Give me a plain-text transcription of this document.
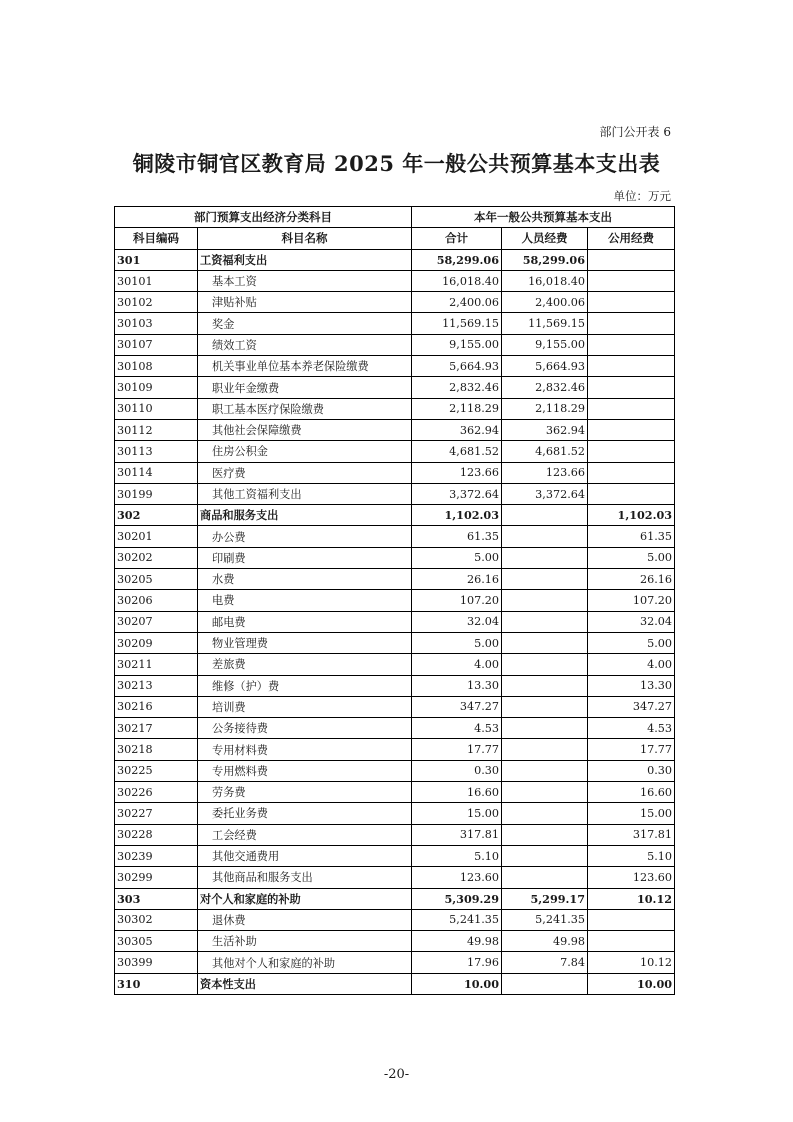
部门公开表 6
铜陵市铜官区教育局 2025 年一般公共预算基本支出表
单位：万元
部门预算支出经济分类科目		本年一般公共预算基本支出		
科目编码	科目名称	合计	人员经费	公用经费
301	工资福利支出	58,299.06	58,299.06	
30101	基本工资	16,018.40	16,018.40	
30102	津贴补贴	2,400.06	2,400.06	
30103	奖金	11,569.15	11,569.15	
30107	绩效工资	9,155.00	9,155.00	
30108	机关事业单位基本养老保险缴费	5,664.93	5,664.93	
30109	职业年金缴费	2,832.46	2,832.46	
30110	职工基本医疗保险缴费	2,118.29	2,118.29	
30112	其他社会保障缴费	362.94	362.94	
30113	住房公积金	4,681.52	4,681.52	
30114	医疗费	123.66	123.66	
30199	其他工资福利支出	3,372.64	3,372.64	
302	商品和服务支出	1,102.03		1,102.03
30201	办公费	61.35		61.35
30202	印刷费	5.00		5.00
30205	水费	26.16		26.16
30206	电费	107.20		107.20
30207	邮电费	32.04		32.04
30209	物业管理费	5.00		5.00
30211	差旅费	4.00		4.00
30213	维修（护）费	13.30		13.30
30216	培训费	347.27		347.27
30217	公务接待费	4.53		4.53
30218	专用材料费	17.77		17.77
30225	专用燃料费	0.30		0.30
30226	劳务费	16.60		16.60
30227	委托业务费	15.00		15.00
30228	工会经费	317.81		317.81
30239	其他交通费用	5.10		5.10
30299	其他商品和服务支出	123.60		123.60
303	对个人和家庭的补助	5,309.29	5,299.17	10.12
30302	退休费	5,241.35	5,241.35	
30305	生活补助	49.98	49.98	
30399	其他对个人和家庭的补助	17.96	7.84	10.12
310	资本性支出	10.00		10.00
-20-
